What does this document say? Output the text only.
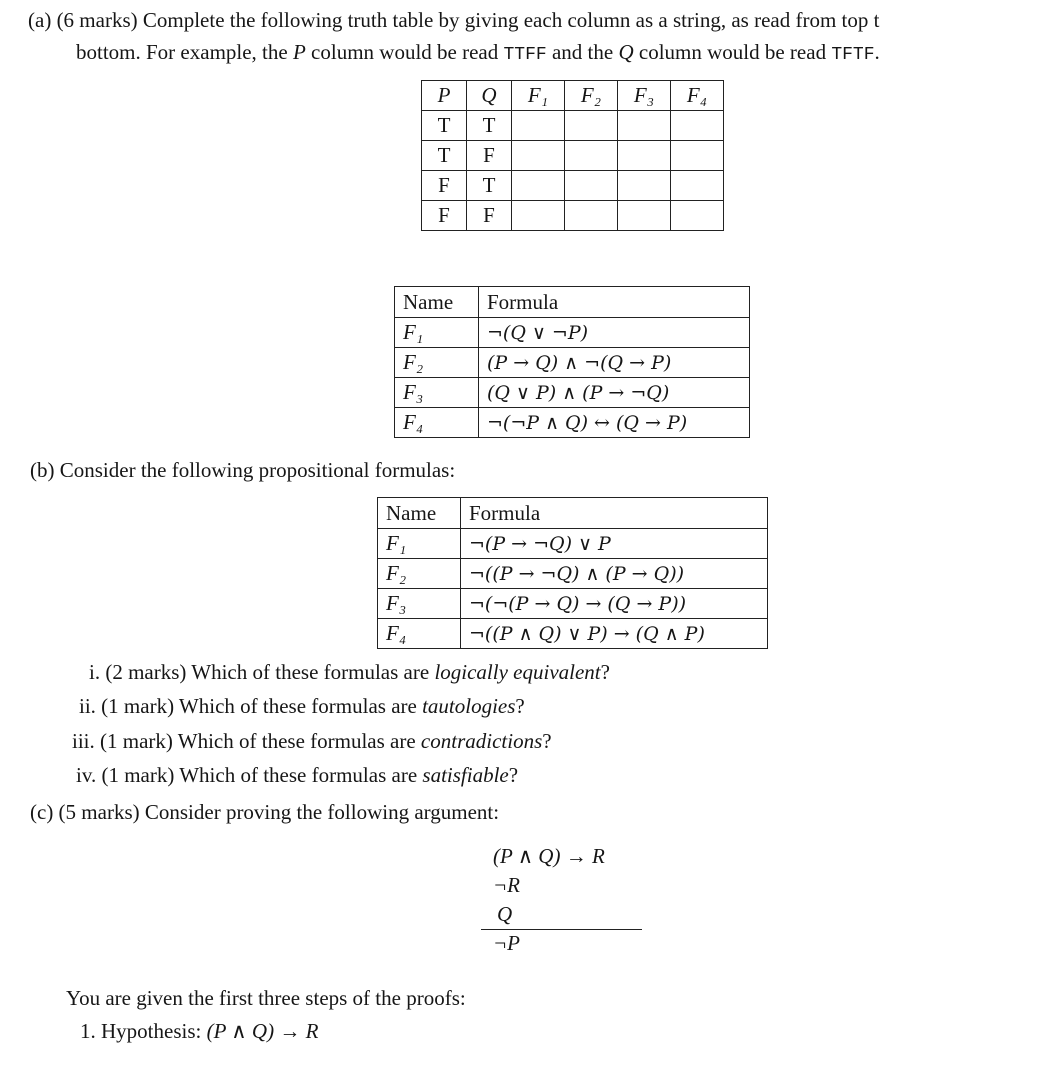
(a) (6 marks) Complete the following truth table by giving each column as a string, as read from top t
bottom. For example, the P column would be read TTFF and the Q column would be read TFTF.
P	Q	F₁	F₂	F₃	F₄
T	T				
T	F				
F	T				
F	F				
Name	Formula
F₁	¬(Q ∨ ¬P)
F₂	(P → Q) ∧ ¬(Q → P)
F₃	(Q ∨ P) ∧ (P → ¬Q)
F₄	¬(¬P ∧ Q) ↔ (Q → P)
(b) Consider the following propositional formulas:
Name	Formula
F₁	¬(P → ¬Q) ∨ P
F₂	¬((P → ¬Q) ∧ (P → Q))
F₃	¬(¬(P → Q) → (Q → P))
F₄	¬((P ∧ Q) ∨ P) → (Q ∧ P)
i. (2 marks) Which of these formulas are logically equivalent?
ii. (1 mark) Which of these formulas are tautologies?
iii. (1 mark) Which of these formulas are contradictions?
iv. (1 mark) Which of these formulas are satisfiable?
(c) (5 marks) Consider proving the following argument:
(P ∧ Q) → R
¬R
Q
¬P
You are given the first three steps of the proofs:
1. Hypothesis: (P ∧ Q) → R
